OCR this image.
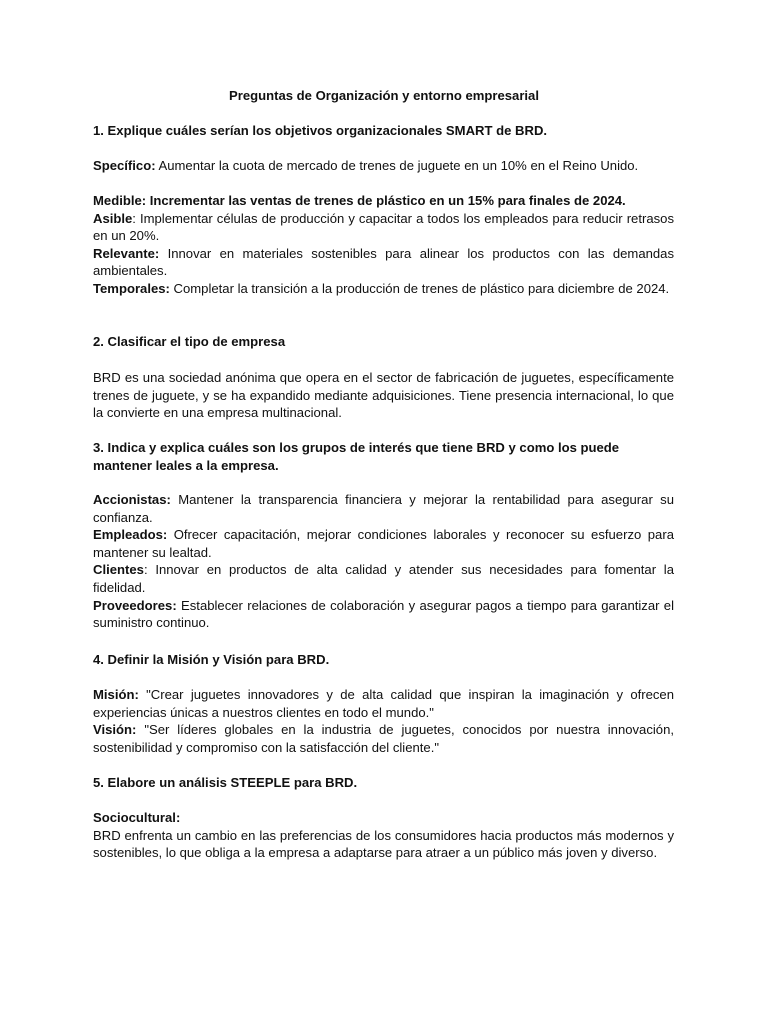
Preguntas de Organización y entorno empresarial

1. Explique cuáles serían los objetivos organizacionales SMART de BRD.

Specífico: Aumentar la cuota de mercado de trenes de juguete en un 10% en el Reino Unido.

Medible: Incrementar las ventas de trenes de plástico en un 15% para finales de 2024.

Asible: Implementar células de producción y capacitar a todos los empleados para reducir retrasos en un 20%.

Relevante: Innovar en materiales sostenibles para alinear los productos con las demandas ambientales.

Temporales: Completar la transición a la producción de trenes de plástico para diciembre de 2024.

2. Clasificar el tipo de empresa

BRD es una sociedad anónima que opera en el sector de fabricación de juguetes, específicamente trenes de juguete, y se ha expandido mediante adquisiciones. Tiene presencia internacional, lo que la convierte en una empresa multinacional.

3. Indica y explica cuáles son los grupos de interés que tiene BRD y como los puede mantener leales a la empresa.

Accionistas: Mantener la transparencia financiera y mejorar la rentabilidad para asegurar su confianza.

Empleados: Ofrecer capacitación, mejorar condiciones laborales y reconocer su esfuerzo para mantener su lealtad.

Clientes: Innovar en productos de alta calidad y atender sus necesidades para fomentar la fidelidad.

Proveedores: Establecer relaciones de colaboración y asegurar pagos a tiempo para garantizar el suministro continuo.

4. Definir la Misión y Visión para BRD.

Misión: "Crear juguetes innovadores y de alta calidad que inspiran la imaginación y ofrecen experiencias únicas a nuestros clientes en todo el mundo."

Visión: "Ser líderes globales en la industria de juguetes, conocidos por nuestra innovación, sostenibilidad y compromiso con la satisfacción del cliente."

5. Elabore un análisis STEEPLE para BRD.

Sociocultural:

BRD enfrenta un cambio en las preferencias de los consumidores hacia productos más modernos y sostenibles, lo que obliga a la empresa a adaptarse para atraer a un público más joven y diverso.
